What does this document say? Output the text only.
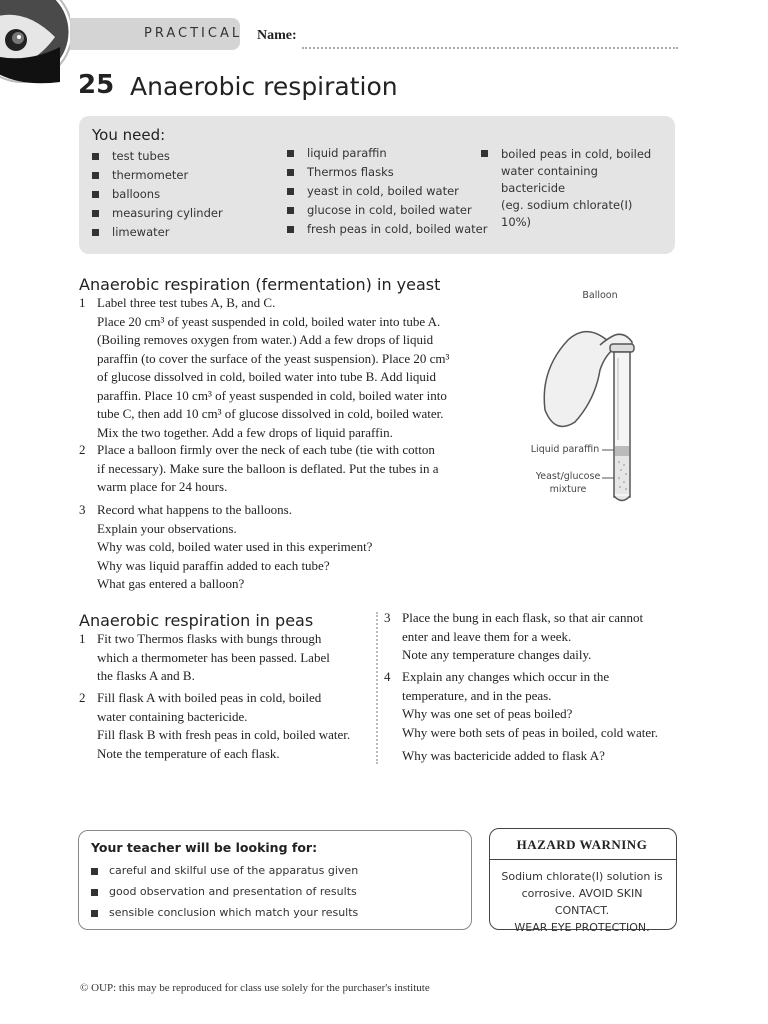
PRACTICAL Name:
25 Anaerobic respiration
You need:
test tubes
thermometer
balloons
measuring cylinder
limewater
liquid paraffin
Thermos flasks
yeast in cold, boiled water
glucose in cold, boiled water
fresh peas in cold, boiled water
boiled peas in cold, boiled
water containing bactericide
(eg. sodium chlorate(I) 10%)
Anaerobic respiration (fermentation) in yeast
1 Label three test tubes A, B, and C.
Place 20 cm³ of yeast suspended in cold, boiled water into tube A.
(Boiling removes oxygen from water.) Add a few drops of liquid
paraffin (to cover the surface of the yeast suspension). Place 20 cm³
of glucose dissolved in cold, boiled water into tube B. Add liquid
paraffin. Place 10 cm³ of yeast suspended in cold, boiled water into
tube C, then add 10 cm³ of glucose dissolved in cold, boiled water.
Mix the two together. Add a few drops of liquid paraffin.
2 Place a balloon firmly over the neck of each tube (tie with cotton
if necessary). Make sure the balloon is deflated. Put the tubes in a
warm place for 24 hours.
3 Record what happens to the balloons.
Explain your observations.
Why was cold, boiled water used in this experiment?
Why was liquid paraffin added to each tube?
What gas entered a balloon?
Balloon
Liquid paraffin
Yeast/glucose
mixture
Anaerobic respiration in peas
1 Fit two Thermos flasks with bungs through
which a thermometer has been passed. Label
the flasks A and B.
2 Fill flask A with boiled peas in cold, boiled
water containing bactericide.
Fill flask B with fresh peas in cold, boiled water.
Note the temperature of each flask.
3 Place the bung in each flask, so that air cannot
enter and leave them for a week.
Note any temperature changes daily.
4 Explain any changes which occur in the
temperature, and in the peas.
Why was one set of peas boiled?
Why were both sets of peas in boiled, cold water.
Why was bactericide added to flask A?
Your teacher will be looking for:
careful and skilful use of the apparatus given
good observation and presentation of results
sensible conclusion which match your results
HAZARD WARNING
Sodium chlorate(I) solution is
corrosive. AVOID SKIN CONTACT.
WEAR EYE PROTECTION.
© OUP: this may be reproduced for class use solely for the purchaser's institute
